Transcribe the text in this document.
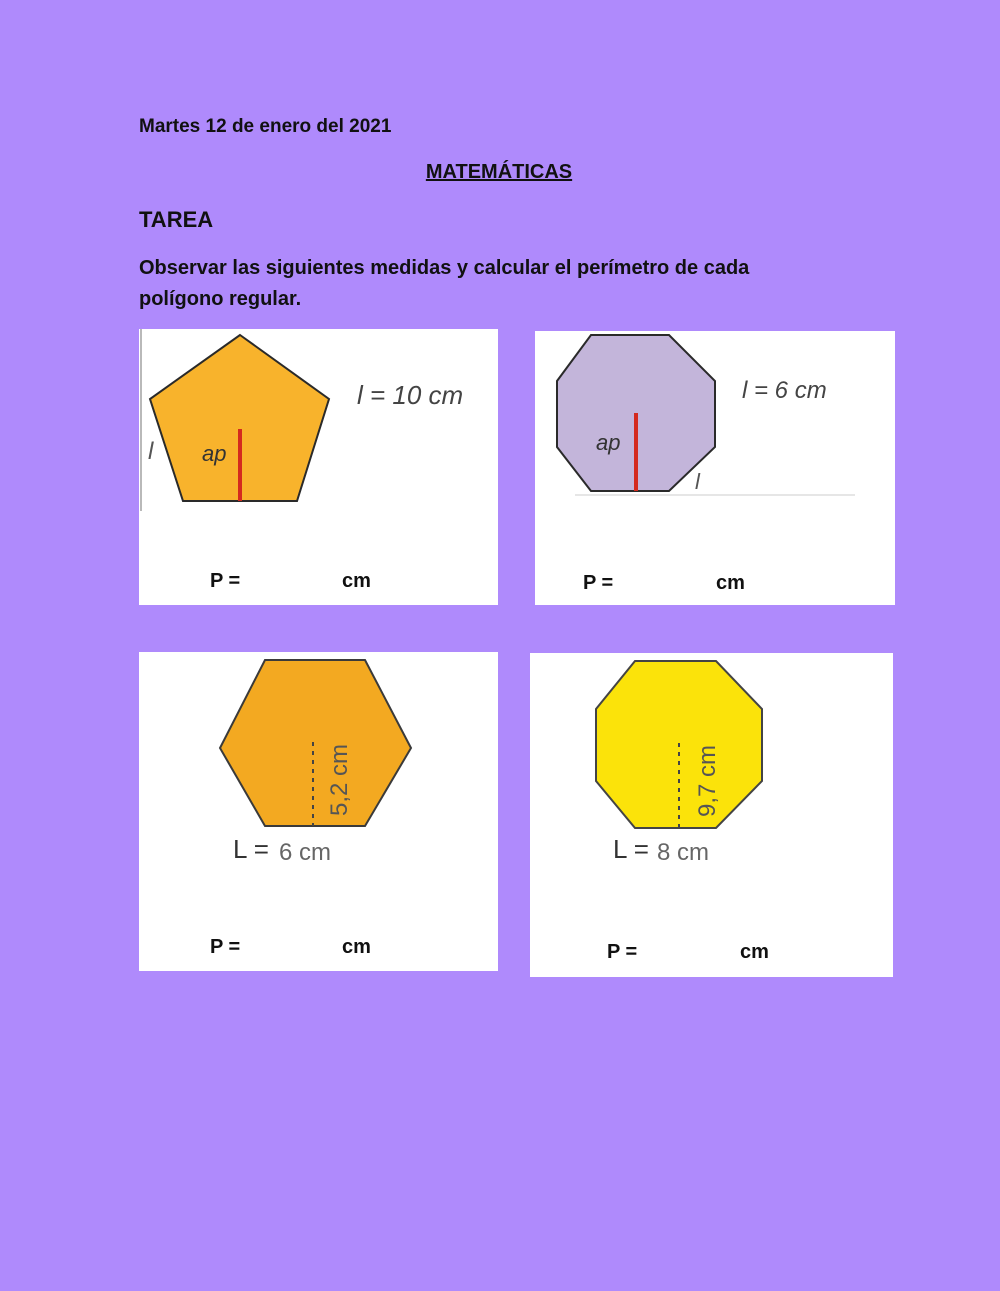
Martes 12 de enero del 2021
MATEMÁTICAS
TAREA
Observar las siguientes medidas y calcular el perímetro de cada polígono regular.
ap
l
l = 10 cm
P =	cm
ap
l
l = 6 cm
P =	cm
5,2 cm
L = 6 cm
P =	cm
9,7 cm
L = 8 cm
P =	cm
